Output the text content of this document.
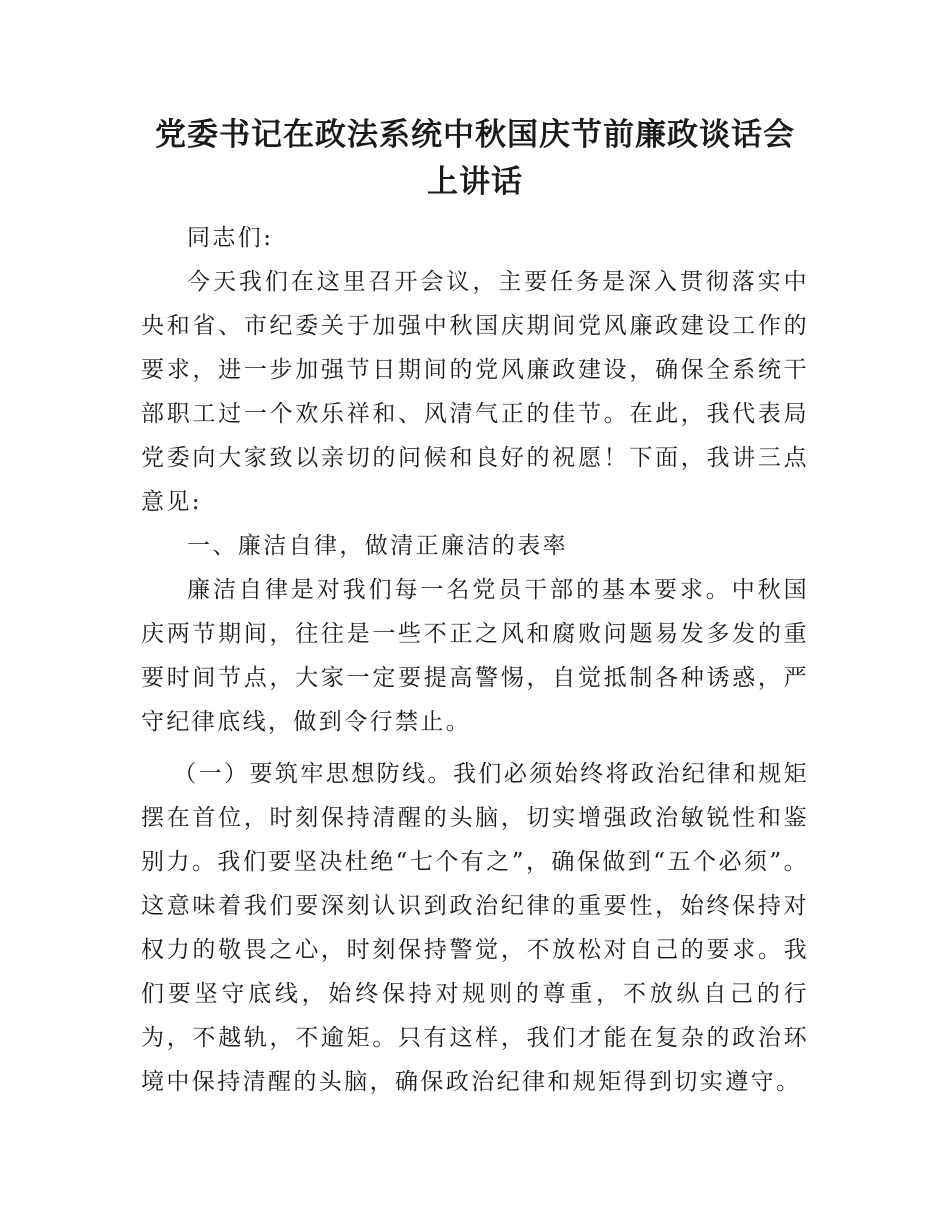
党委书记在政法系统中秋国庆节前廉政谈话会上讲话

同志们:

今天我们在这里召开会议，主要任务是深入贯彻落实中央和省、市纪委关于加强中秋国庆期间党风廉政建设工作的要求，进一步加强节日期间的党风廉政建设，确保全系统干部职工过一个欢乐祥和、风清气正的佳节。在此，我代表局党委向大家致以亲切的问候和良好的祝愿！下面，我讲三点意见:

一、廉洁自律，做清正廉洁的表率

廉洁自律是对我们每一名党员干部的基本要求。中秋国庆两节期间，往往是一些不正之风和腐败问题易发多发的重要时间节点，大家一定要提高警惕，自觉抵制各种诱惑，严守纪律底线，做到令行禁止。

（一）要筑牢思想防线。我们必须始终将政治纪律和规矩摆在首位，时刻保持清醒的头脑，切实增强政治敏锐性和鉴别力。我们要坚决杜绝“七个有之”，确保做到“五个必须”。这意味着我们要深刻认识到政治纪律的重要性，始终保持对权力的敬畏之心，时刻保持警觉，不放松对自己的要求。我们要坚守底线，始终保持对规则的尊重，不放纵自己的行为，不越轨，不逾矩。只有这样，我们才能在复杂的政治环境中保持清醒的头脑，确保政治纪律和规矩得到切实遵守。
